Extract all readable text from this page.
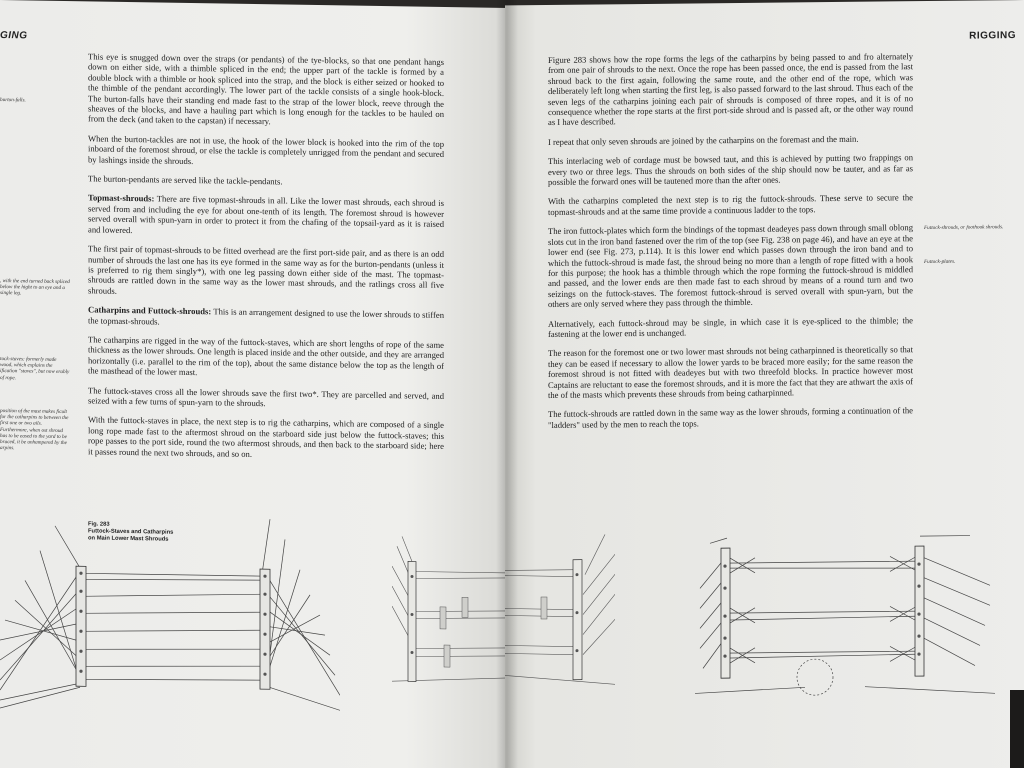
GING
burton-falls.
, with the end turned back spliced below the hight to an eye and a single leg.
tock-staves: formerly made wood, which explains the ification "staves", but now erably of rope.
position of the mast makes ficult for the catharpins to between the first one or two ails. Furthermore, when ost shroud has to be eased to the yard to be braced, it be unhampered by the arpins.

This eye is snugged down over the straps (or pendants) of the tye-blocks, so that one pendant hangs down on either side, with a thimble spliced in the end; the upper part of the tackle is formed by a double block with a thimble or hook spliced into the strap, and the block is either seized or hooked to the thimble of the pendant accordingly. The lower part of the tackle consists of a single hook-block. The burton-falls have their standing end made fast to the strap of the lower block, reeve through the sheaves of the blocks, and have a hauling part which is long enough for the tackles to be hauled on from the deck (and taken to the capstan) if necessary.

When the burton-tackles are not in use, the hook of the lower block is hooked into the rim of the top inboard of the foremost shroud, or else the tackle is completely unrigged from the pendant and secured by lashings inside the shrouds.

The burton-pendants are served like the tackle-pendants.

Topmast-shrouds: There are five topmast-shrouds in all. Like the lower mast shrouds, each shroud is served from and including the eye for about one-tenth of its length. The foremost shroud is however served overall with spun-yarn in order to protect it from the chafing of the topsail-yard as it is raised and lowered.

The first pair of topmast-shrouds to be fitted overhead are the first port-side pair, and as there is an odd number of shrouds the last one has its eye formed in the same way as for the burton-pendants (unless it is preferred to rig them singly*), with one leg passing down either side of the mast. The topmast-shrouds are rattled down in the same way as the lower mast shrouds, and the ratlings cross all five shrouds.

Catharpins and Futtock-shrouds: This is an arrangement designed to use the lower shrouds to stiffen the topmast-shrouds.

The catharpins are rigged in the way of the futtock-staves, which are short lengths of rope of the same thickness as the lower shrouds. One length is placed inside and the other outside, and they are arranged horizontally (i.e. parallel to the rim of the top), about the same distance below the top as the length of the masthead of the lower mast.

The futtock-staves cross all the lower shrouds save the first two*. They are parcelled and served, and seized with a few turns of spun-yarn to the shrouds.

With the futtock-staves in place, the next step is to rig the catharpins, which are composed of a single long rope made fast to the aftermost shroud on the starboard side just below the futtock-staves; this rope passes to the port side, round the two aftermost shrouds, and then back to the starboard side; here it passes round the next two shrouds, and so on.

Fig. 283
Futtock-Staves and Catharpins
on Main Lower Mast Shrouds
RIGGING
Futtock-shrouds, or foothook shrouds.
Futtock-plates.

Figure 283 shows how the rope forms the legs of the catharpins by being passed to and fro alternately from one pair of shrouds to the next. Once the rope has been passed once, the end is passed from the last shroud back to the first again, following the same route, and the other end of the rope, which was deliberately left long when starting the first leg, is also passed forward to the last shroud. Thus each of the seven legs of the catharpins joining each pair of shrouds is composed of three ropes, and it is of no consequence whether the rope starts at the first port-side shroud and is passed aft, or the other way round as I have described.

I repeat that only seven shrouds are joined by the catharpins on the foremast and the main.

This interlacing web of cordage must be bowsed taut, and this is achieved by putting two frappings on every two or three legs. Thus the shrouds on both sides of the ship should now be tauter, and as far as possible the forward ones will be tautened more than the after ones.

With the catharpins completed the next step is to rig the futtock-shrouds. These serve to secure the topmast-shrouds and at the same time provide a continuous ladder to the tops.

The iron futtock-plates which form the bindings of the topmast deadeyes pass down through small oblong slots cut in the iron band fastened over the rim of the top (see Fig. 238 on page 46), and have an eye at the lower end (see Fig. 273, p.114). It is this lower end which passes down through the iron band and to which the futtock-shroud is made fast, the shroud being no more than a length of rope fitted with a hook for this purpose; the hook has a thimble through which the rope forming the futtock-shroud is middled and passed, and the lower ends are then made fast to each shroud by means of a round turn and two seizings on the futtock-staves. The foremost futtock-shroud is served overall with spun-yarn, but the others are only served where they pass through the thimble.

Alternatively, each futtock-shroud may be single, in which case it is eye-spliced to the thimble; the fastening at the lower end is unchanged.

The reason for the foremost one or two lower mast shrouds not being catharpinned is theoretically so that they can be eased if necessary to allow the lower yards to be braced more easily; for the same reason the foremost shroud is not fitted with deadeyes but with two threefold blocks. In practice however most Captains are reluctant to ease the foremost shrouds, and it is more the fact that they are athwart the axis of the of the masts which prevents these shrouds from being catharpinned.

The futtock-shrouds are rattled down in the same way as the lower shrouds, forming a continuation of the "ladders" used by the men to reach the tops.
